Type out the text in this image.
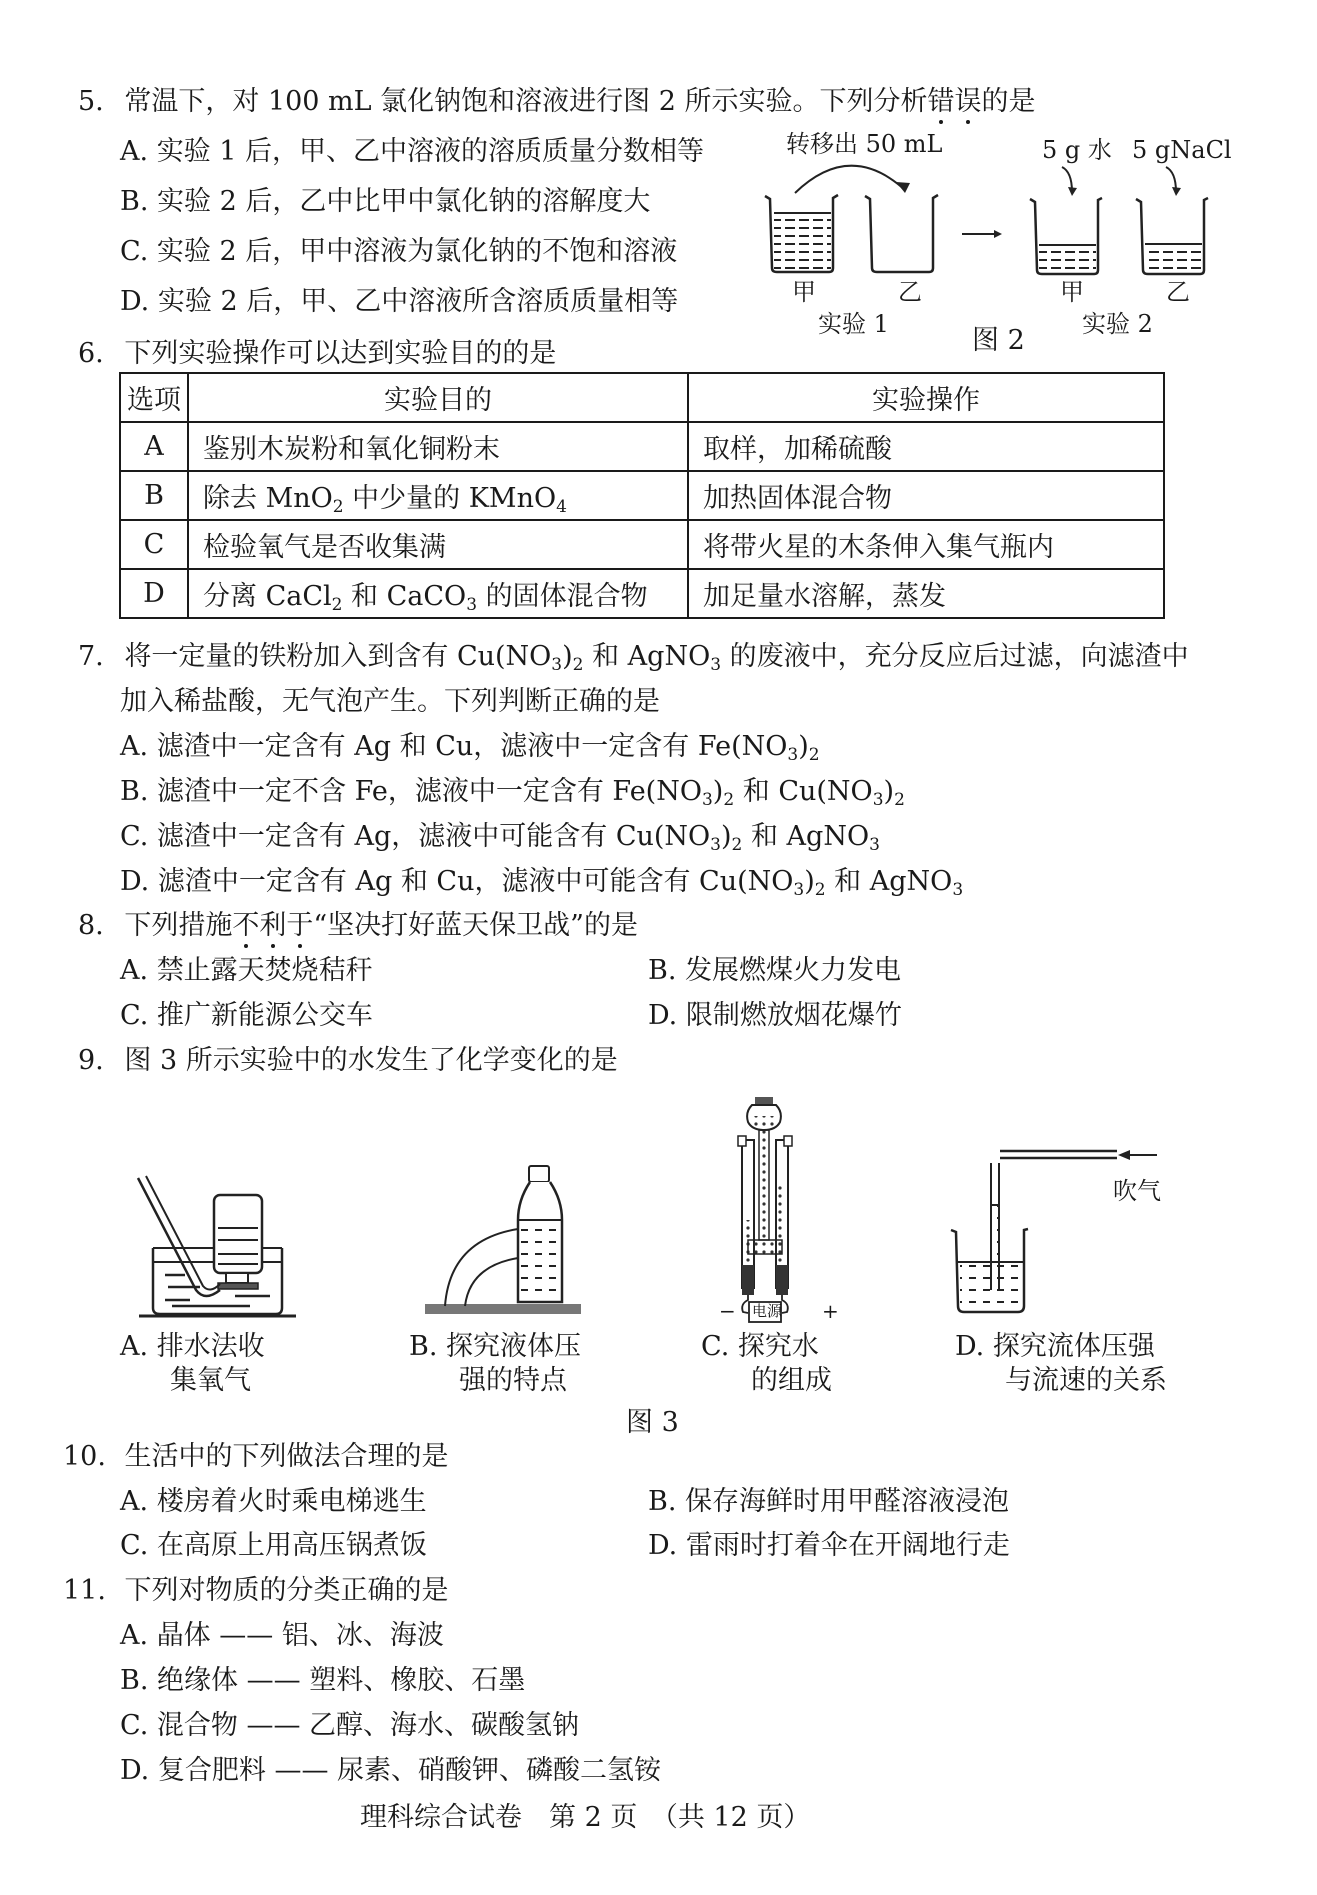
5. 常温下，对 100 mL 氯化钠饱和溶液进行图 2 所示实验。下列分析错误的是
A. 实验 1 后，甲、乙中溶液的溶质质量分数相等
B. 实验 2 后，乙中比甲中氯化钠的溶解度大
C. 实验 2 后，甲中溶液为氯化钠的不饱和溶液
D. 实验 2 后，甲、乙中溶液所含溶质质量相等
转移出 50 mL	5 g 水 5 gNaCl
甲	乙	甲	乙
实验 1	实验 2
图 2
6. 下列实验操作可以达到实验目的的是
选项	实验目的	实验操作
A	鉴别木炭粉和氧化铜粉末	取样，加稀硫酸
B	除去 MnO$_2$ 中少量的 KMnO$_4$	加热固体混合物
C	检验氧气是否收集满	将带火星的木条伸入集气瓶内
D	分离 CaCl$_2$ 和 CaCO$_3$ 的固体混合物	加足量水溶解，蒸发
7. 将一定量的铁粉加入到含有 $Cu(NO_3)_2$ 和 AgNO$_3$ 的废液中，充分反应后过滤，向滤渣中
加入稀盐酸，无气泡产生。下列判断正确的是
A. 滤渣中一定含有 Ag 和 Cu，滤液中一定含有 $Fe(NO_3)_2$
B. 滤渣中一定不含 Fe，滤液中一定含有 $Fe(NO_3)_2$ 和 $Cu(NO_3)_2$
C. 滤渣中一定含有 Ag，滤液中可能含有 $Cu(NO_3)_2$ 和 AgNO$_3$
D. 滤渣中一定含有 Ag 和 Cu，滤液中可能含有 $Cu(NO_3)_2$ 和 AgNO$_3$
8. 下列措施不利于“坚决打好蓝天保卫战”的是
A. 禁止露天焚烧秸秆	B. 发展燃煤火力发电
C. 推广新能源公交车	D. 限制燃放烟花爆竹
9. 图 3 所示实验中的水发生了化学变化的是
电源
−	+
吹气
A. 排水法收
集氧气
B. 探究液体压
强的特点
C. 探究水
的组成
D. 探究流体压强
与流速的关系
图 3
10. 生活中的下列做法合理的是
A. 楼房着火时乘电梯逃生	B. 保存海鲜时用甲醛溶液浸泡
C. 在高原上用高压锅煮饭	D. 雷雨时打着伞在开阔地行走
11. 下列对物质的分类正确的是
A. 晶体 —— 铝、冰、海波
B. 绝缘体 —— 塑料、橡胶、石墨
C. 混合物 —— 乙醇、海水、碳酸氢钠
D. 复合肥料 —— 尿素、硝酸钾、磷酸二氢铵
理科综合试卷　第 2 页　（共 12 页）
